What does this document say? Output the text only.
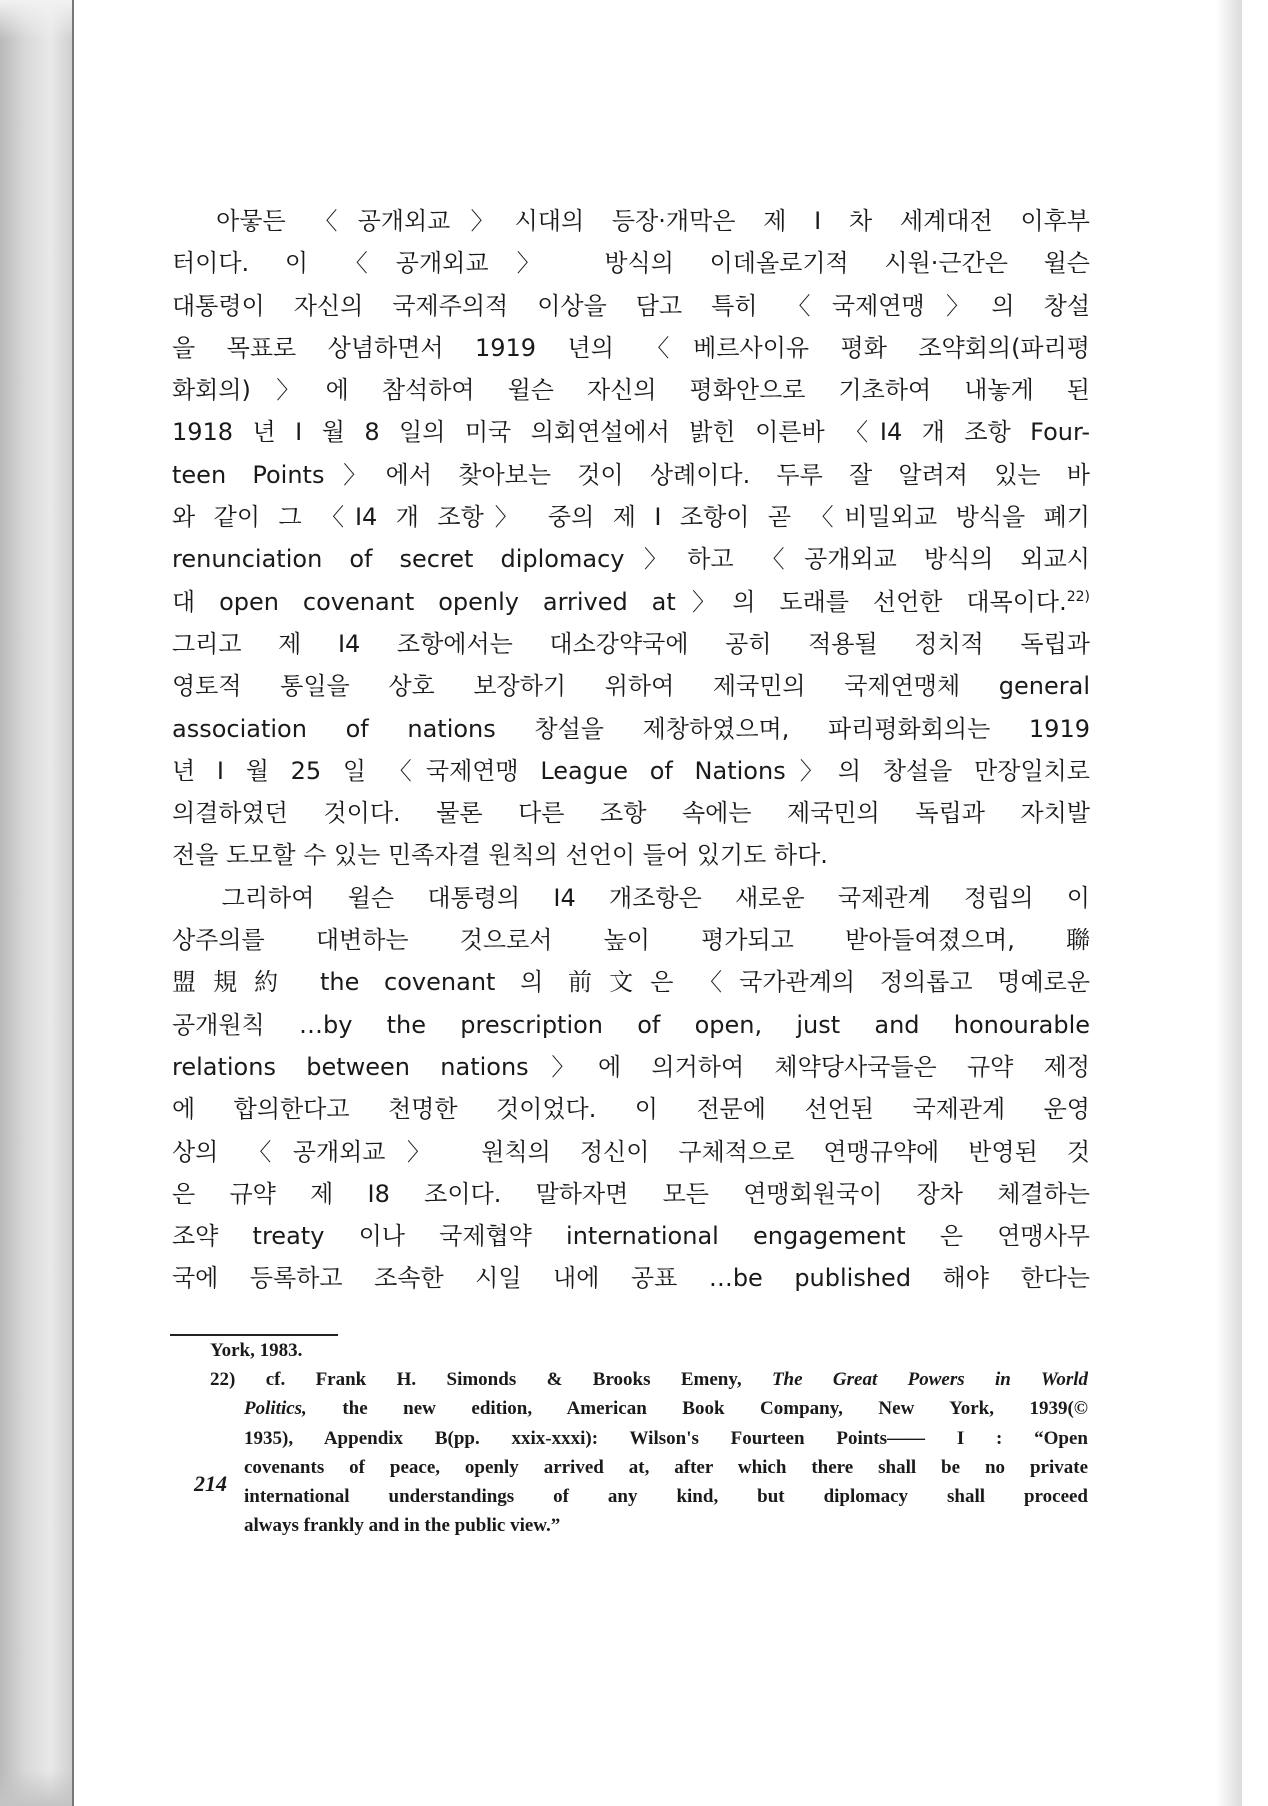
　아뭏든 〈공개외교〉시대의 등장·개막은 제 I 차 세계대전 이후부
터이다. 이 〈공개외교〉 방식의 이데올로기적 시원·근간은 윌슨
대통령이 자신의 국제주의적 이상을 담고 특히 〈국제연맹〉의 창설
을 목표로 상념하면서 1919 년의 〈베르사이유 평화 조약회의(파리평
화회의)〉에 참석하여 윌슨 자신의 평화안으로 기초하여 내놓게 된
1918 년 I 월 8 일의 미국 의회연설에서 밝힌 이른바 〈I4 개 조항 Four-
teen Points〉에서 찾아보는 것이 상례이다. 두루 잘 알려져 있는 바
와 같이 그 〈I4 개 조항〉 중의 제 I 조항이 곧 〈비밀외교 방식을 폐기
renunciation of secret diplomacy〉하고 〈공개외교 방식의 외교시
대 open covenant openly arrived at〉의 도래를 선언한 대목이다.$^{22)}$
그리고 제 I4 조항에서는 대소강약국에 공히 적용될 정치적 독립과
영토적 통일을 상호 보장하기 위하여 제국민의 국제연맹체 general
association of nations 창설을 제창하였으며, 파리평화회의는 1919
년 I 월 25 일 〈국제연맹 League of Nations〉의 창설을 만장일치로
의결하였던 것이다. 물론 다른 조항 속에는 제국민의 독립과 자치발
전을 도모할 수 있는 민족자결 원칙의 선언이 들어 있기도 하다.
　그리하여 윌슨 대통령의 I4 개조항은 새로운 국제관계 정립의 이
상주의를 대변하는 것으로서 높이 평가되고 받아들여졌으며, 聯
盟規約 the covenant 의 前文은 〈국가관계의 정의롭고 명예로운
공개원칙 …by the prescription of open, just and honourable
relations between nations〉에 의거하여 체약당사국들은 규약 제정
에 합의한다고 천명한 것이었다. 이 전문에 선언된 국제관계 운영
상의 〈공개외교〉 원칙의 정신이 구체적으로 연맹규약에 반영된 것
은 규약 제 I8 조이다. 말하자면 모든 연맹회원국이 장차 체결하는
조약 treaty 이나 국제협약 international engagement 은 연맹사무
국에 등록하고 조속한 시일 내에 공표 …be published 해야 한다는
York, 1983.
22) cf. Frank H. Simonds & Brooks Emeny, The Great Powers in World
Politics, the new edition, American Book Company, New York, 1939(©
1935), Appendix B(pp. xxix-xxxi): Wilson's Fourteen Points―― I : “Open
covenants of peace, openly arrived at, after which there shall be no private
international understandings of any kind, but diplomacy shall proceed
always frankly and in the public view.”
214
